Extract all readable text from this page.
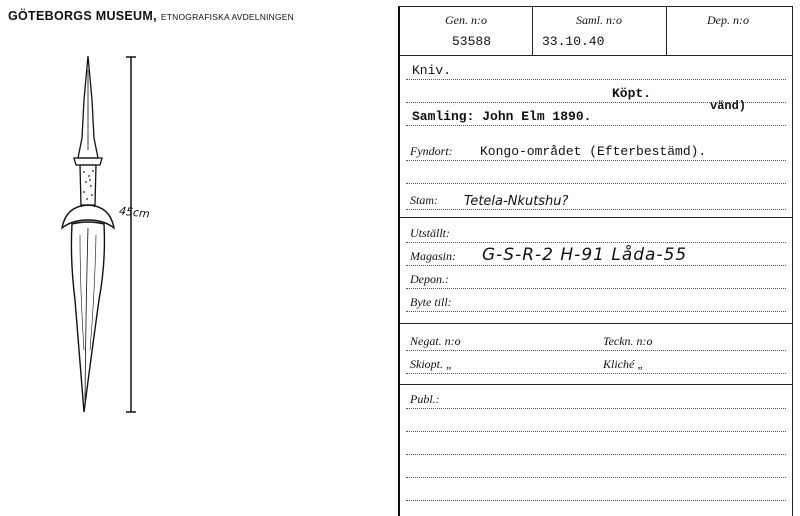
GÖTEBORGS MUSEUM, ETNOGRAFISKA AVDELNINGEN
45cm
Gen. n:o
53588
Saml. n:o
33.10.40
Dep. n:o
Kniv.
Köpt.
vänd)
Samling: John Elm 1890.
Fyndort: Kongo-området (Efterbestämd).
Stam: Tetela-Nkutshu?
Utställt:
Magasin: G-S-R-2 H-91 Låda-55
Depon.:
Byte till:
Negat. n:o	Teckn. n:o
Skiopt. „	Kliché „
Publ.:
